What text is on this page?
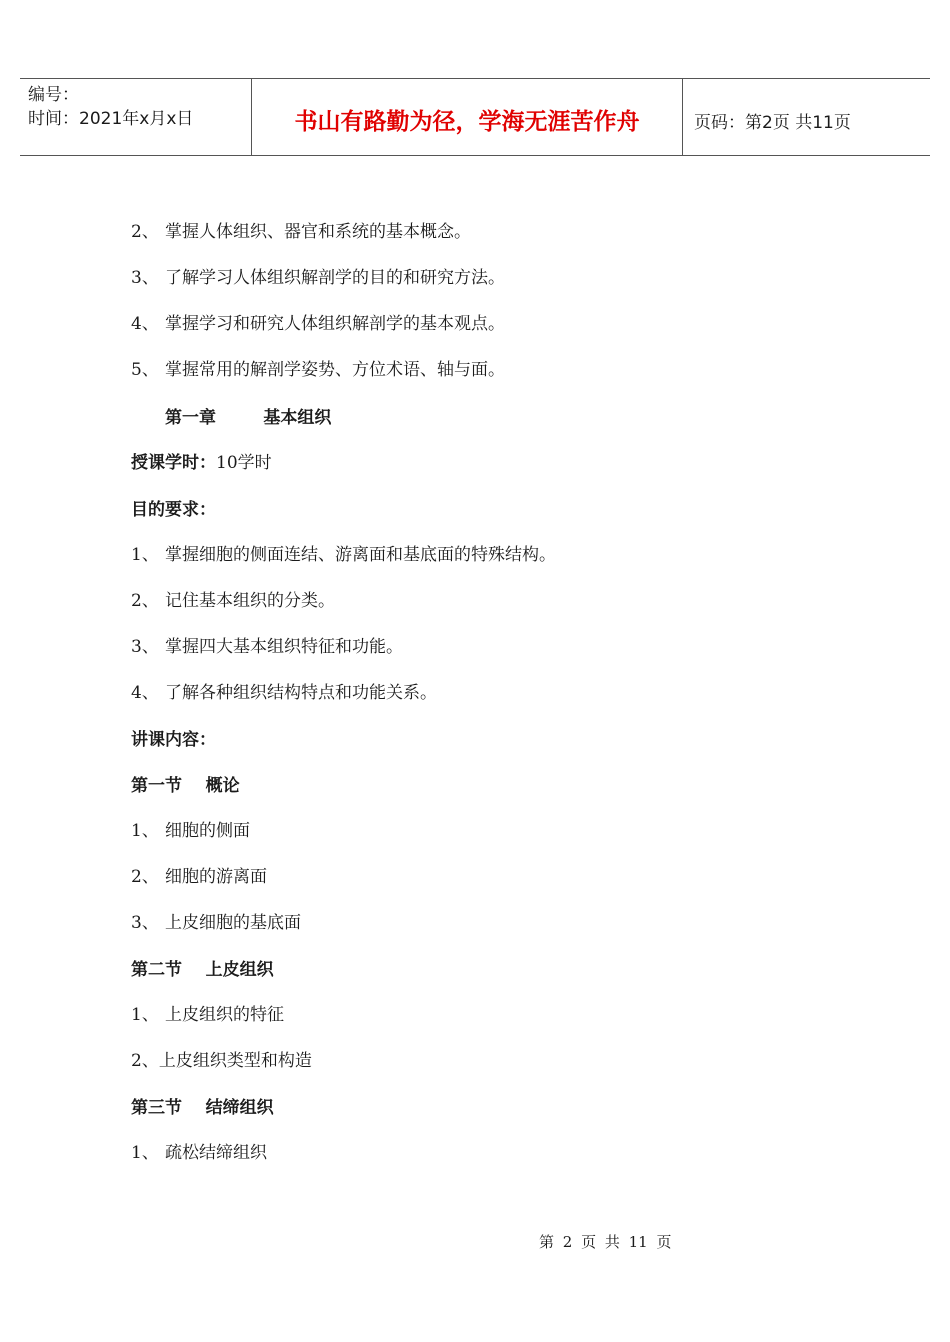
编号：
时间：2021年x月x日	书山有路勤为径，学海无涯苦作舟	页码：第2页 共11页
2、 掌握人体组织、器官和系统的基本概念。
3、 了解学习人体组织解剖学的目的和研究方法。
4、 掌握学习和研究人体组织解剖学的基本观点。
5、 掌握常用的解剖学姿势、方位术语、轴与面。
第一章        基本组织
授课学时：10学时
目的要求：
1、 掌握细胞的侧面连结、游离面和基底面的特殊结构。
2、 记住基本组织的分类。
3、 掌握四大基本组织特征和功能。
4、 了解各种组织结构特点和功能关系。
讲课内容：
第一节    概论
1、 细胞的侧面
2、 细胞的游离面
3、 上皮细胞的基底面
第二节    上皮组织
1、 上皮组织的特征
2、上皮组织类型和构造
第三节    结缔组织
1、 疏松结缔组织
第 2 页 共 11 页
